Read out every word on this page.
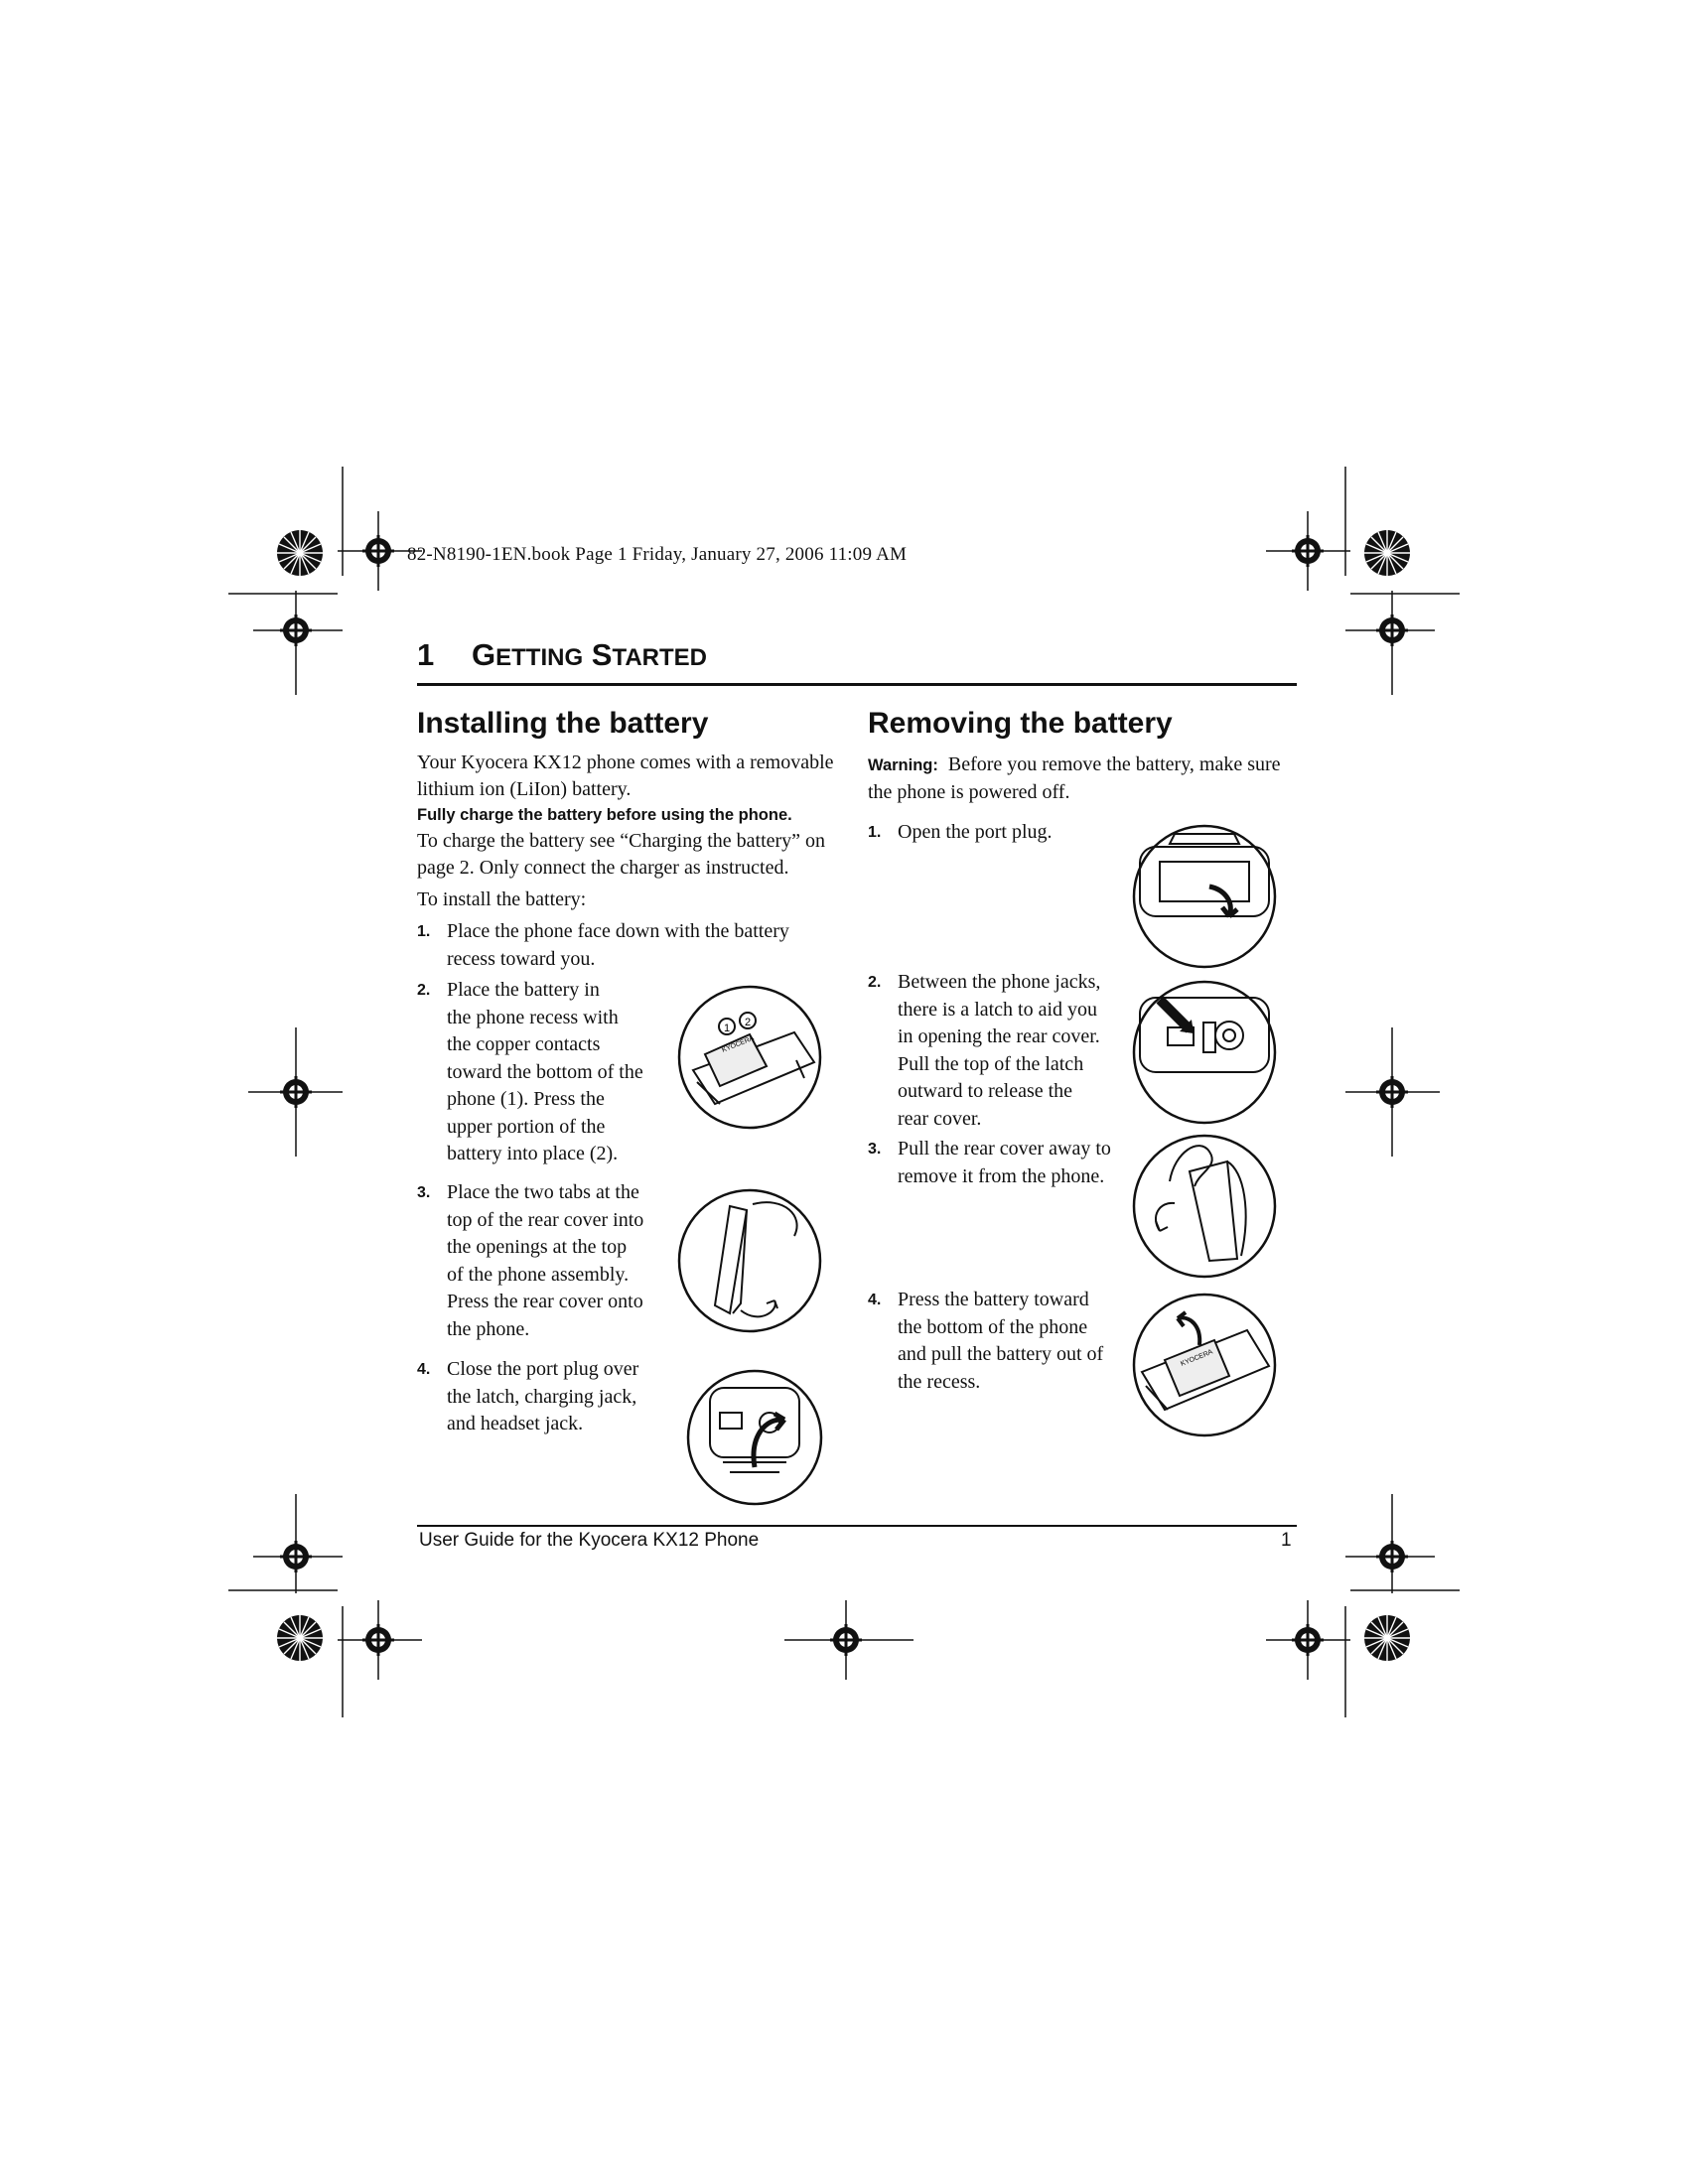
82-N8190-1EN.book Page 1 Friday, January 27, 2006 11:09 AM
1 GETTING STARTED
Installing the battery
Your Kyocera KX12 phone comes with a removable
lithium ion (LiIon) battery.
Fully charge the battery before using the phone.
To charge the battery see “Charging the battery” on
page 2. Only connect the charger as instructed.
To install the battery:
1. Place the phone face down with the battery
recess toward you.
2. Place the battery in
the phone recess with
the copper contacts
toward the bottom of the
phone (1). Press the
upper portion of the
battery into place (2).
3. Place the two tabs at the
top of the rear cover into
the openings at the top
of the phone assembly.
Press the rear cover onto
the phone.
4. Close the port plug over
the latch, charging jack,
and headset jack.
1 2
KYOCERA
Removing the battery
Warning: Before you remove the battery, make sure
the phone is powered off.
1. Open the port plug.
2. Between the phone jacks,
there is a latch to aid you
in opening the rear cover.
Pull the top of the latch
outward to release the
rear cover.
3. Pull the rear cover away to
remove it from the phone.
4. Press the battery toward
the bottom of the phone
and pull the battery out of
the recess.
KYOCERA
User Guide for the Kyocera KX12 Phone	1
